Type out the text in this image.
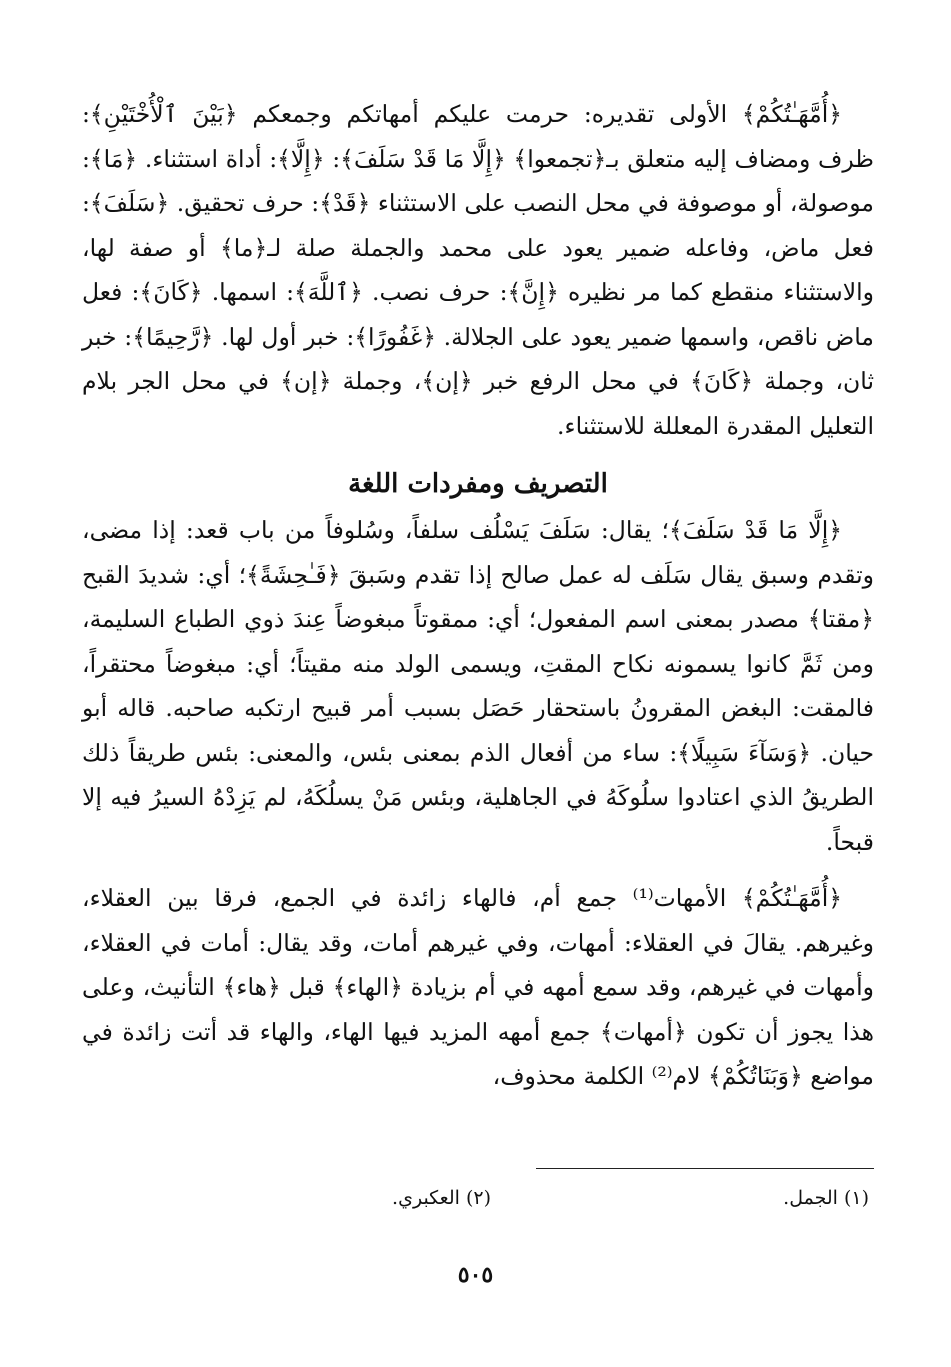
﴿أُمَّهَـٰتُكُمْ﴾ الأولى تقديره: حرمت عليكم أمهاتكم وجمعكم ﴿بَيْنَ ٱلْأُخْتَيْنِ﴾: ظرف ومضاف إليه متعلق بـ﴿تجمعوا﴾ ﴿إِلَّا مَا قَدْ سَلَفَ﴾: ﴿إِلَّا﴾: أداة استثناء. ﴿مَا﴾: موصولة، أو موصوفة في محل النصب على الاستثناء ﴿قَدْ﴾: حرف تحقيق. ﴿سَلَفَ﴾: فعل ماض، وفاعله ضمير يعود على محمد والجملة صلة لـ﴿ما﴾ أو صفة لها، والاستثناء منقطع كما مر نظيره ﴿إِنَّ﴾: حرف نصب. ﴿ٱللَّهَ﴾: اسمها. ﴿كَانَ﴾: فعل ماض ناقص، واسمها ضمير يعود على الجلالة. ﴿غَفُورًا﴾: خبر أول لها. ﴿رَّحِيمًا﴾: خبر ثان، وجملة ﴿كَانَ﴾ في محل الرفع خبر ﴿إن﴾، وجملة ﴿إن﴾ في محل الجر بلام التعليل المقدرة المعللة للاستثناء.

التصريف ومفردات اللغة

﴿إِلَّا مَا قَدْ سَلَفَ﴾؛ يقال: سَلَفَ يَسْلُف سلفاً، وسُلوفاً من باب قعد: إذا مضى، وتقدم وسبق يقال سَلَف له عمل صالح إذا تقدم وسَبقَ ﴿فَـٰحِشَةً﴾؛ أي: شديدَ القبح ﴿مقتا﴾ مصدر بمعنى اسم المفعول؛ أي: ممقوتاً مبغوضاً عِندَ ذوي الطباع السليمة، ومن ثَمَّ كانوا يسمونه نكاح المقتِ، ويسمى الولد منه مقيتاً؛ أي: مبغوضاً محتقراً، فالمقت: البغض المقرونُ باستحقار حَصَل بسبب أمر قبيح ارتكبه صاحبه. قاله أبو حيان. ﴿وَسَآءَ سَبِيلًا﴾: ساء من أفعال الذم بمعنى بئس، والمعنى: بئس طريقاً ذلك الطريقُ الذي اعتادوا سلُوكَهُ في الجاهلية، وبئس مَنْ يسلُكَهُ، لم يَزِدْهُ السيرُ فيه إلا قبحاً.

﴿أُمَّهَـٰتُكُمْ﴾ الأمهات⁽¹⁾ جمع أم، فالهاء زائدة في الجمع، فرقا بين العقلاء، وغيرهم. يقالَ في العقلاء: أمهات، وفي غيرهم أمات، وقد يقال: أمات في العقلاء، وأمهات في غيرهم، وقد سمع أمهه في أم بزيادة ﴿الهاء﴾ قبل ﴿هاء﴾ التأنيث، وعلى هذا يجوز أن تكون ﴿أمهات﴾ جمع أمهه المزيد فيها الهاء، والهاء قد أتت زائدة في مواضع ﴿وَبَنَاتُكُمْ﴾ لام⁽²⁾ الكلمة محذوف،

(١) الجمل.
(٢) العكبري.
٥٠٥
